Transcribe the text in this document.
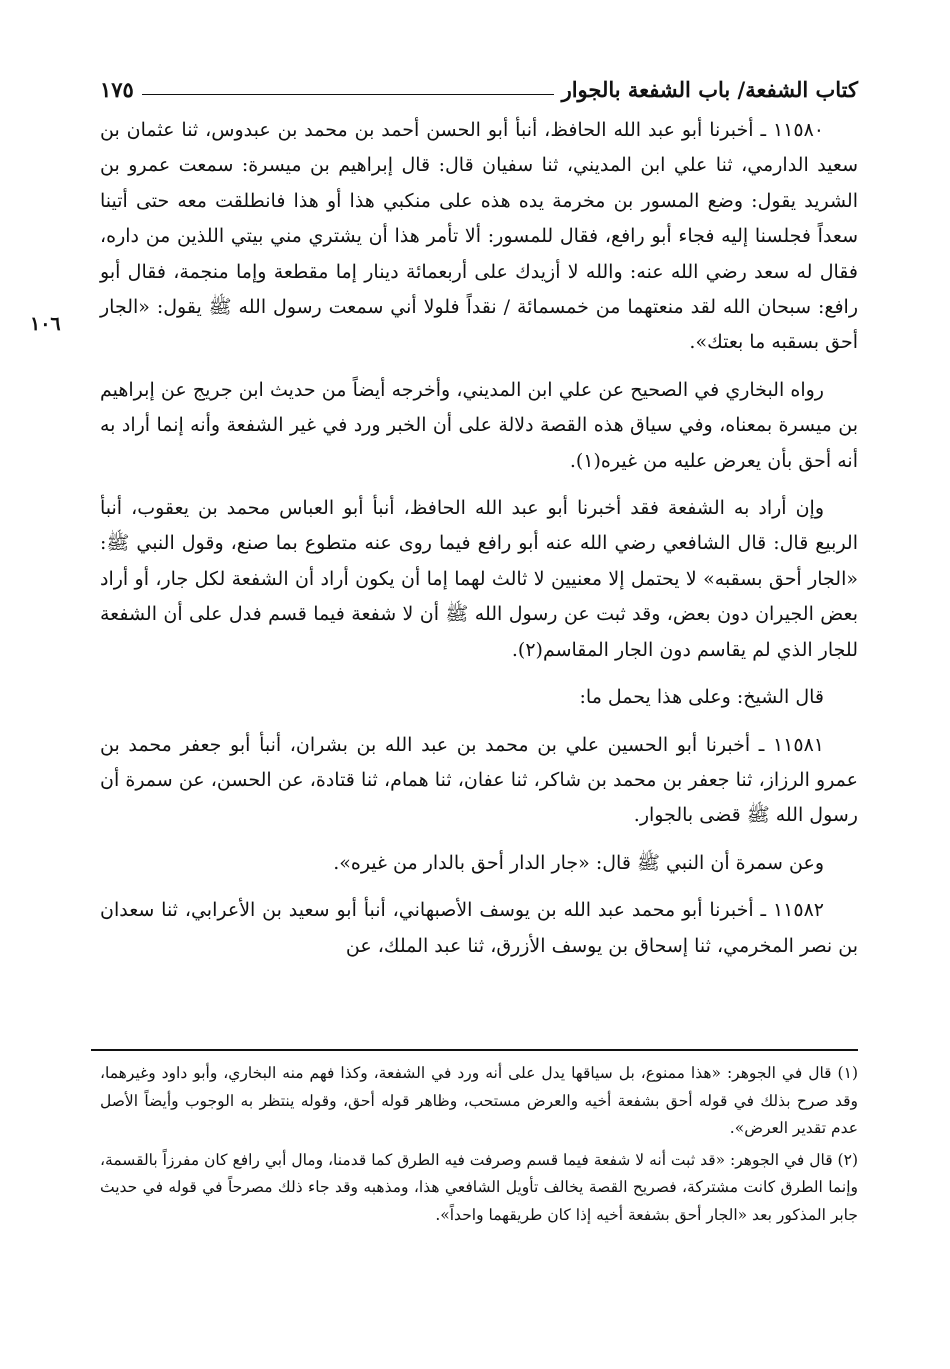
كتاب الشفعة/ باب الشفعة بالجوار
١٧٥
١٠٦

١١٥٨٠ ـ أخبرنا أبو عبد الله الحافظ، أنبأ أبو الحسن أحمد بن محمد بن عبدوس، ثنا عثمان بن سعيد الدارمي، ثنا علي ابن المديني، ثنا سفيان قال: قال إبراهيم بن ميسرة: سمعت عمرو بن الشريد يقول: وضع المسور بن مخرمة يده هذه على منكبي هذا أو هذا فانطلقت معه حتى أتينا سعداً فجلسنا إليه فجاء أبو رافع، فقال للمسور: ألا تأمر هذا أن يشتري مني بيتي اللذين من داره، فقال له سعد رضي الله عنه: والله لا أزيدك على أربعمائة دينار إما مقطعة وإما منجمة، فقال أبو رافع: سبحان الله لقد منعتهما من خمسمائة / نقداً فلولا أني سمعت رسول الله ﷺ يقول: «الجار أحق بسقبه ما بعتك».

رواه البخاري في الصحيح عن علي ابن المديني، وأخرجه أيضاً من حديث ابن جريج عن إبراهيم بن ميسرة بمعناه، وفي سياق هذه القصة دلالة على أن الخبر ورد في غير الشفعة وأنه إنما أراد به أنه أحق بأن يعرض عليه من غيره(١).

وإن أراد به الشفعة فقد أخبرنا أبو عبد الله الحافظ، أنبأ أبو العباس محمد بن يعقوب، أنبأ الربيع قال: قال الشافعي رضي الله عنه أبو رافع فيما روى عنه متطوع بما صنع، وقول النبي ﷺ: «الجار أحق بسقبه» لا يحتمل إلا معنيين لا ثالث لهما إما أن يكون أراد أن الشفعة لكل جار، أو أراد بعض الجيران دون بعض، وقد ثبت عن رسول الله ﷺ أن لا شفعة فيما قسم فدل على أن الشفعة للجار الذي لم يقاسم دون الجار المقاسم(٢).

قال الشيخ: وعلى هذا يحمل ما:

١١٥٨١ ـ أخبرنا أبو الحسين علي بن محمد بن عبد الله بن بشران، أنبأ أبو جعفر محمد بن عمرو الرزاز، ثنا جعفر بن محمد بن شاكر، ثنا عفان، ثنا همام، ثنا قتادة، عن الحسن، عن سمرة أن رسول الله ﷺ قضى بالجوار.

وعن سمرة أن النبي ﷺ قال: «جار الدار أحق بالدار من غيره».

١١٥٨٢ ـ أخبرنا أبو محمد عبد الله بن يوسف الأصبهاني، أنبأ أبو سعيد بن الأعرابي، ثنا سعدان بن نصر المخرمي، ثنا إسحاق بن يوسف الأزرق، ثنا عبد الملك، عن

(١) قال في الجوهر: «هذا ممنوع، بل سياقها يدل على أنه ورد في الشفعة، وكذا فهم منه البخاري، وأبو داود وغيرهما، وقد صرح بذلك في قوله أحق بشفعة أخيه والعرض مستحب، وظاهر قوله أحق، وقوله ينتظر به الوجوب وأيضاً الأصل عدم تقدير العرض».

(٢) قال في الجوهر: «قد ثبت أنه لا شفعة فيما قسم وصرفت فيه الطرق كما قدمنا، ومال أبي رافع كان مفرزاً بالقسمة، وإنما الطرق كانت مشتركة، فصريح القصة يخالف تأويل الشافعي هذا، ومذهبه وقد جاء ذلك مصرحاً في قوله في حديث جابر المذكور بعد «الجار أحق بشفعة أخيه إذا كان طريقهما واحداً».
